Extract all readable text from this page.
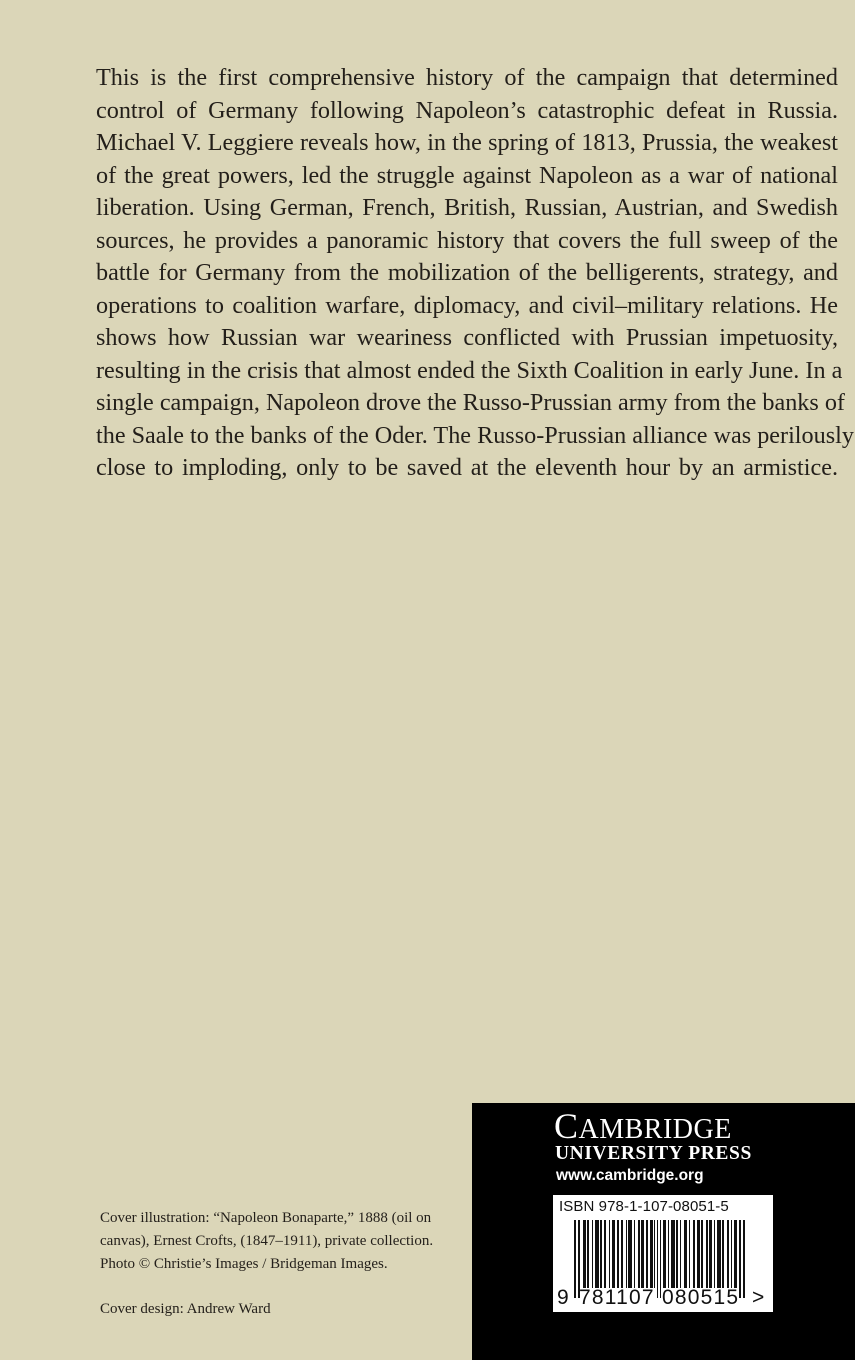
This is the first comprehensive history of the campaign that determined
control of Germany following Napoleon’s catastrophic defeat in Russia.
Michael V. Leggiere reveals how, in the spring of 1813, Prussia, the weakest
of the great powers, led the struggle against Napoleon as a war of national
liberation. Using German, French, British, Russian, Austrian, and Swedish
sources, he provides a panoramic history that covers the full sweep of the
battle for Germany from the mobilization of the belligerents, strategy, and
operations to coalition warfare, diplomacy, and civil–military relations. He
shows how Russian war weariness conflicted with Prussian impetuosity,
resulting in the crisis that almost ended the Sixth Coalition in early June. In a
single campaign, Napoleon drove the Russo-Prussian army from the banks of
the Saale to the banks of the Oder. The Russo-Prussian alliance was perilously
close to imploding, only to be saved at the eleventh hour by an armistice.

Cover illustration: “Napoleon Bonaparte,” 1888 (oil on

canvas), Ernest Crofts, (1847–1911), private collection.

Photo © Christie’s Images / Bridgeman Images.

Cover design: Andrew Ward

CAMBRIDGE
UNIVERSITY PRESS
www.cambridge.org
ISBN 978-1-107-08051-5
9 781107 080515 >
